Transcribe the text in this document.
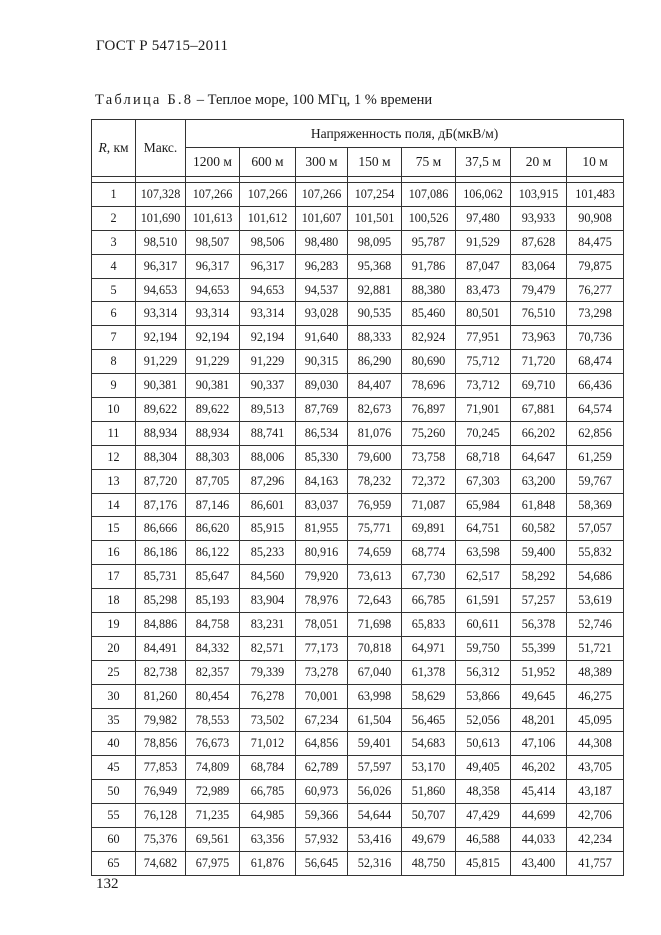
ГОСТ Р 54715–2011
Таблица Б.8 – Теплое море, 100 МГц, 1 % времени
R, км	Макс.	Напряженность поля, дБ(мкВ/м)							
		1200 м	600 м	300 м	150 м	75 м	37,5 м	20 м	10 м

1	107,328	107,266	107,266	107,266	107,254	107,086	106,062	103,915	101,483
2	101,690	101,613	101,612	101,607	101,501	100,526	97,480	93,933	90,908
3	98,510	98,507	98,506	98,480	98,095	95,787	91,529	87,628	84,475
4	96,317	96,317	96,317	96,283	95,368	91,786	87,047	83,064	79,875
5	94,653	94,653	94,653	94,537	92,881	88,380	83,473	79,479	76,277
6	93,314	93,314	93,314	93,028	90,535	85,460	80,501	76,510	73,298
7	92,194	92,194	92,194	91,640	88,333	82,924	77,951	73,963	70,736
8	91,229	91,229	91,229	90,315	86,290	80,690	75,712	71,720	68,474
9	90,381	90,381	90,337	89,030	84,407	78,696	73,712	69,710	66,436
10	89,622	89,622	89,513	87,769	82,673	76,897	71,901	67,881	64,574
11	88,934	88,934	88,741	86,534	81,076	75,260	70,245	66,202	62,856
12	88,304	88,303	88,006	85,330	79,600	73,758	68,718	64,647	61,259
13	87,720	87,705	87,296	84,163	78,232	72,372	67,303	63,200	59,767
14	87,176	87,146	86,601	83,037	76,959	71,087	65,984	61,848	58,369
15	86,666	86,620	85,915	81,955	75,771	69,891	64,751	60,582	57,057
16	86,186	86,122	85,233	80,916	74,659	68,774	63,598	59,400	55,832
17	85,731	85,647	84,560	79,920	73,613	67,730	62,517	58,292	54,686
18	85,298	85,193	83,904	78,976	72,643	66,785	61,591	57,257	53,619
19	84,886	84,758	83,231	78,051	71,698	65,833	60,611	56,378	52,746
20	84,491	84,332	82,571	77,173	70,818	64,971	59,750	55,399	51,721
25	82,738	82,357	79,339	73,278	67,040	61,378	56,312	51,952	48,389
30	81,260	80,454	76,278	70,001	63,998	58,629	53,866	49,645	46,275
35	79,982	78,553	73,502	67,234	61,504	56,465	52,056	48,201	45,095
40	78,856	76,673	71,012	64,856	59,401	54,683	50,613	47,106	44,308
45	77,853	74,809	68,784	62,789	57,597	53,170	49,405	46,202	43,705
50	76,949	72,989	66,785	60,973	56,026	51,860	48,358	45,414	43,187
55	76,128	71,235	64,985	59,366	54,644	50,707	47,429	44,699	42,706
60	75,376	69,561	63,356	57,932	53,416	49,679	46,588	44,033	42,234
65	74,682	67,975	61,876	56,645	52,316	48,750	45,815	43,400	41,757
132
